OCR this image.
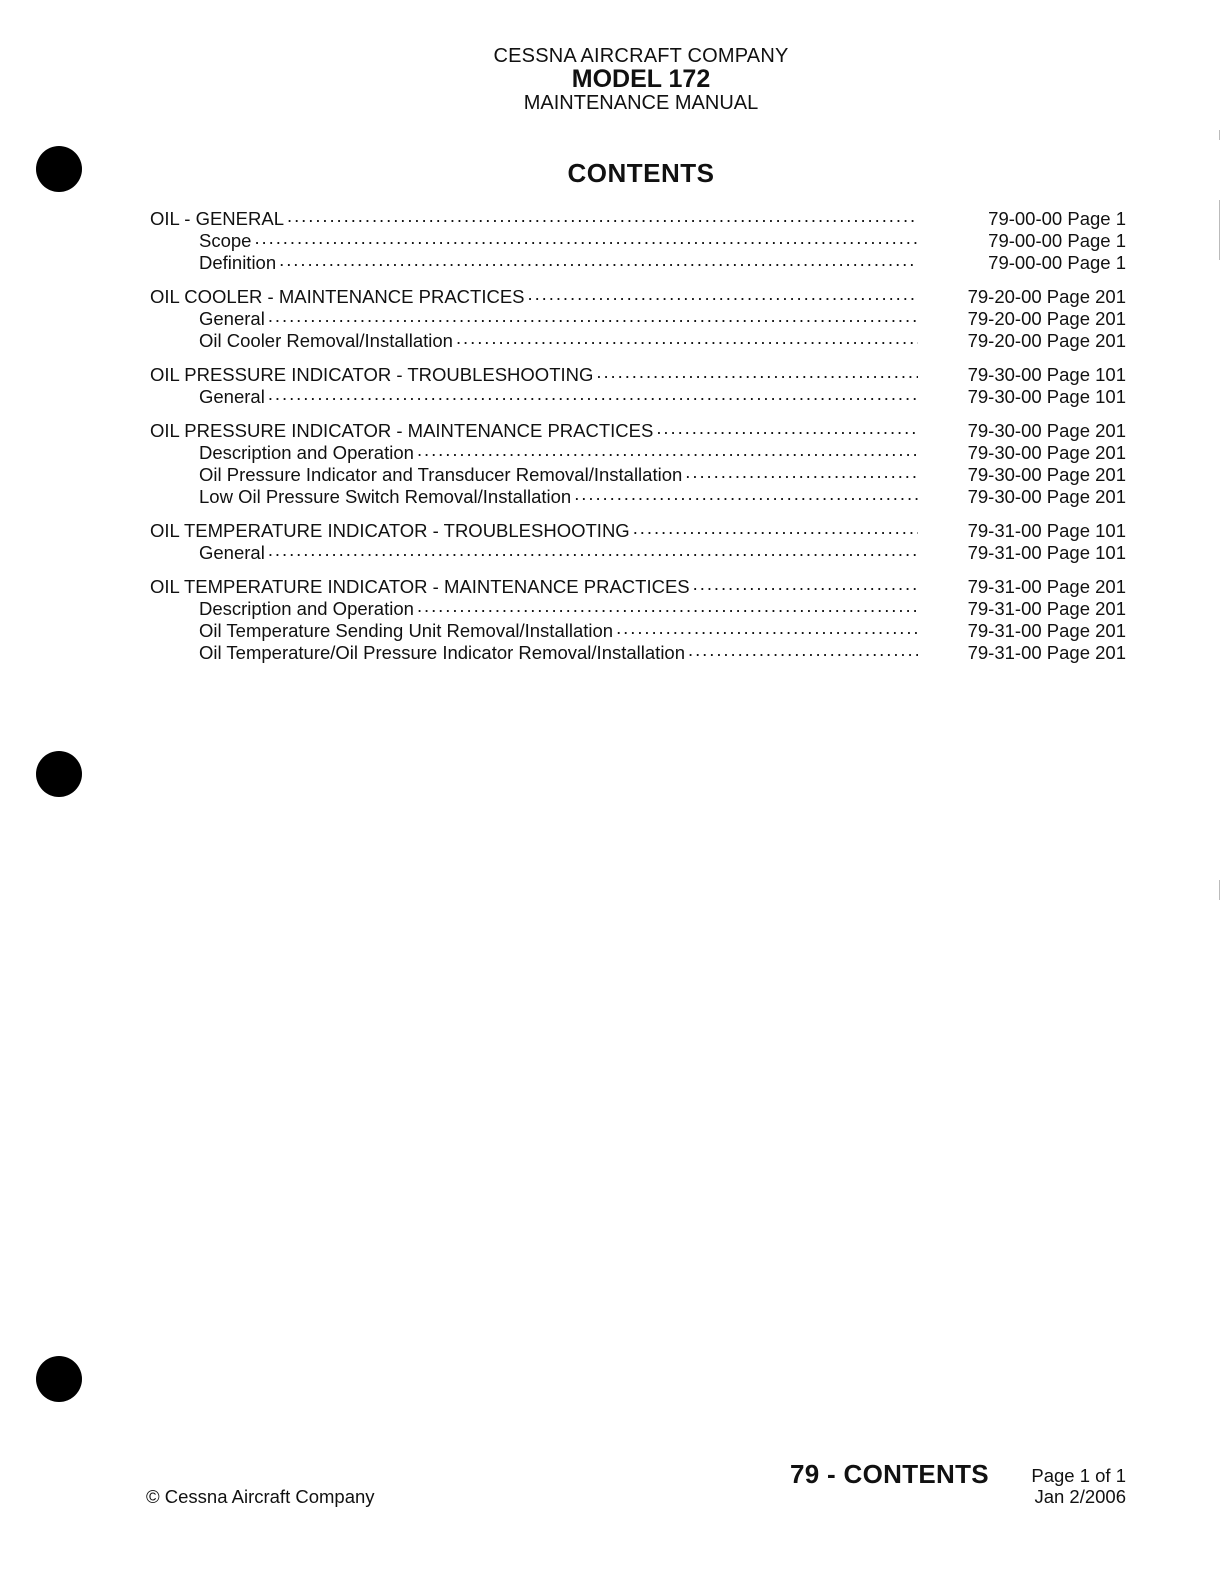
CESSNA AIRCRAFT COMPANY
MODEL 172
MAINTENANCE MANUAL
CONTENTS
OIL - GENERAL . . .	79-00-00 Page 1
Scope . . .	79-00-00 Page 1
Definition . . .	79-00-00 Page 1
OIL COOLER - MAINTENANCE PRACTICES . . .	79-20-00 Page 201
General . . .	79-20-00 Page 201
Oil Cooler Removal/Installation . . .	79-20-00 Page 201
OIL PRESSURE INDICATOR - TROUBLESHOOTING . . .	79-30-00 Page 101
General . . .	79-30-00 Page 101
OIL PRESSURE INDICATOR - MAINTENANCE PRACTICES . . .	79-30-00 Page 201
Description and Operation . . .	79-30-00 Page 201
Oil Pressure Indicator and Transducer Removal/Installation . . .	79-30-00 Page 201
Low Oil Pressure Switch Removal/Installation . . .	79-30-00 Page 201
OIL TEMPERATURE INDICATOR - TROUBLESHOOTING . . .	79-31-00 Page 101
General . . .	79-31-00 Page 101
OIL TEMPERATURE INDICATOR - MAINTENANCE PRACTICES . . .	79-31-00 Page 201
Description and Operation . . .	79-31-00 Page 201
Oil Temperature Sending Unit Removal/Installation . . .	79-31-00 Page 201
Oil Temperature/Oil Pressure Indicator Removal/Installation . . .	79-31-00 Page 201
79 - CONTENTS Page 1 of 1
Jan 2/2006
© Cessna Aircraft Company
